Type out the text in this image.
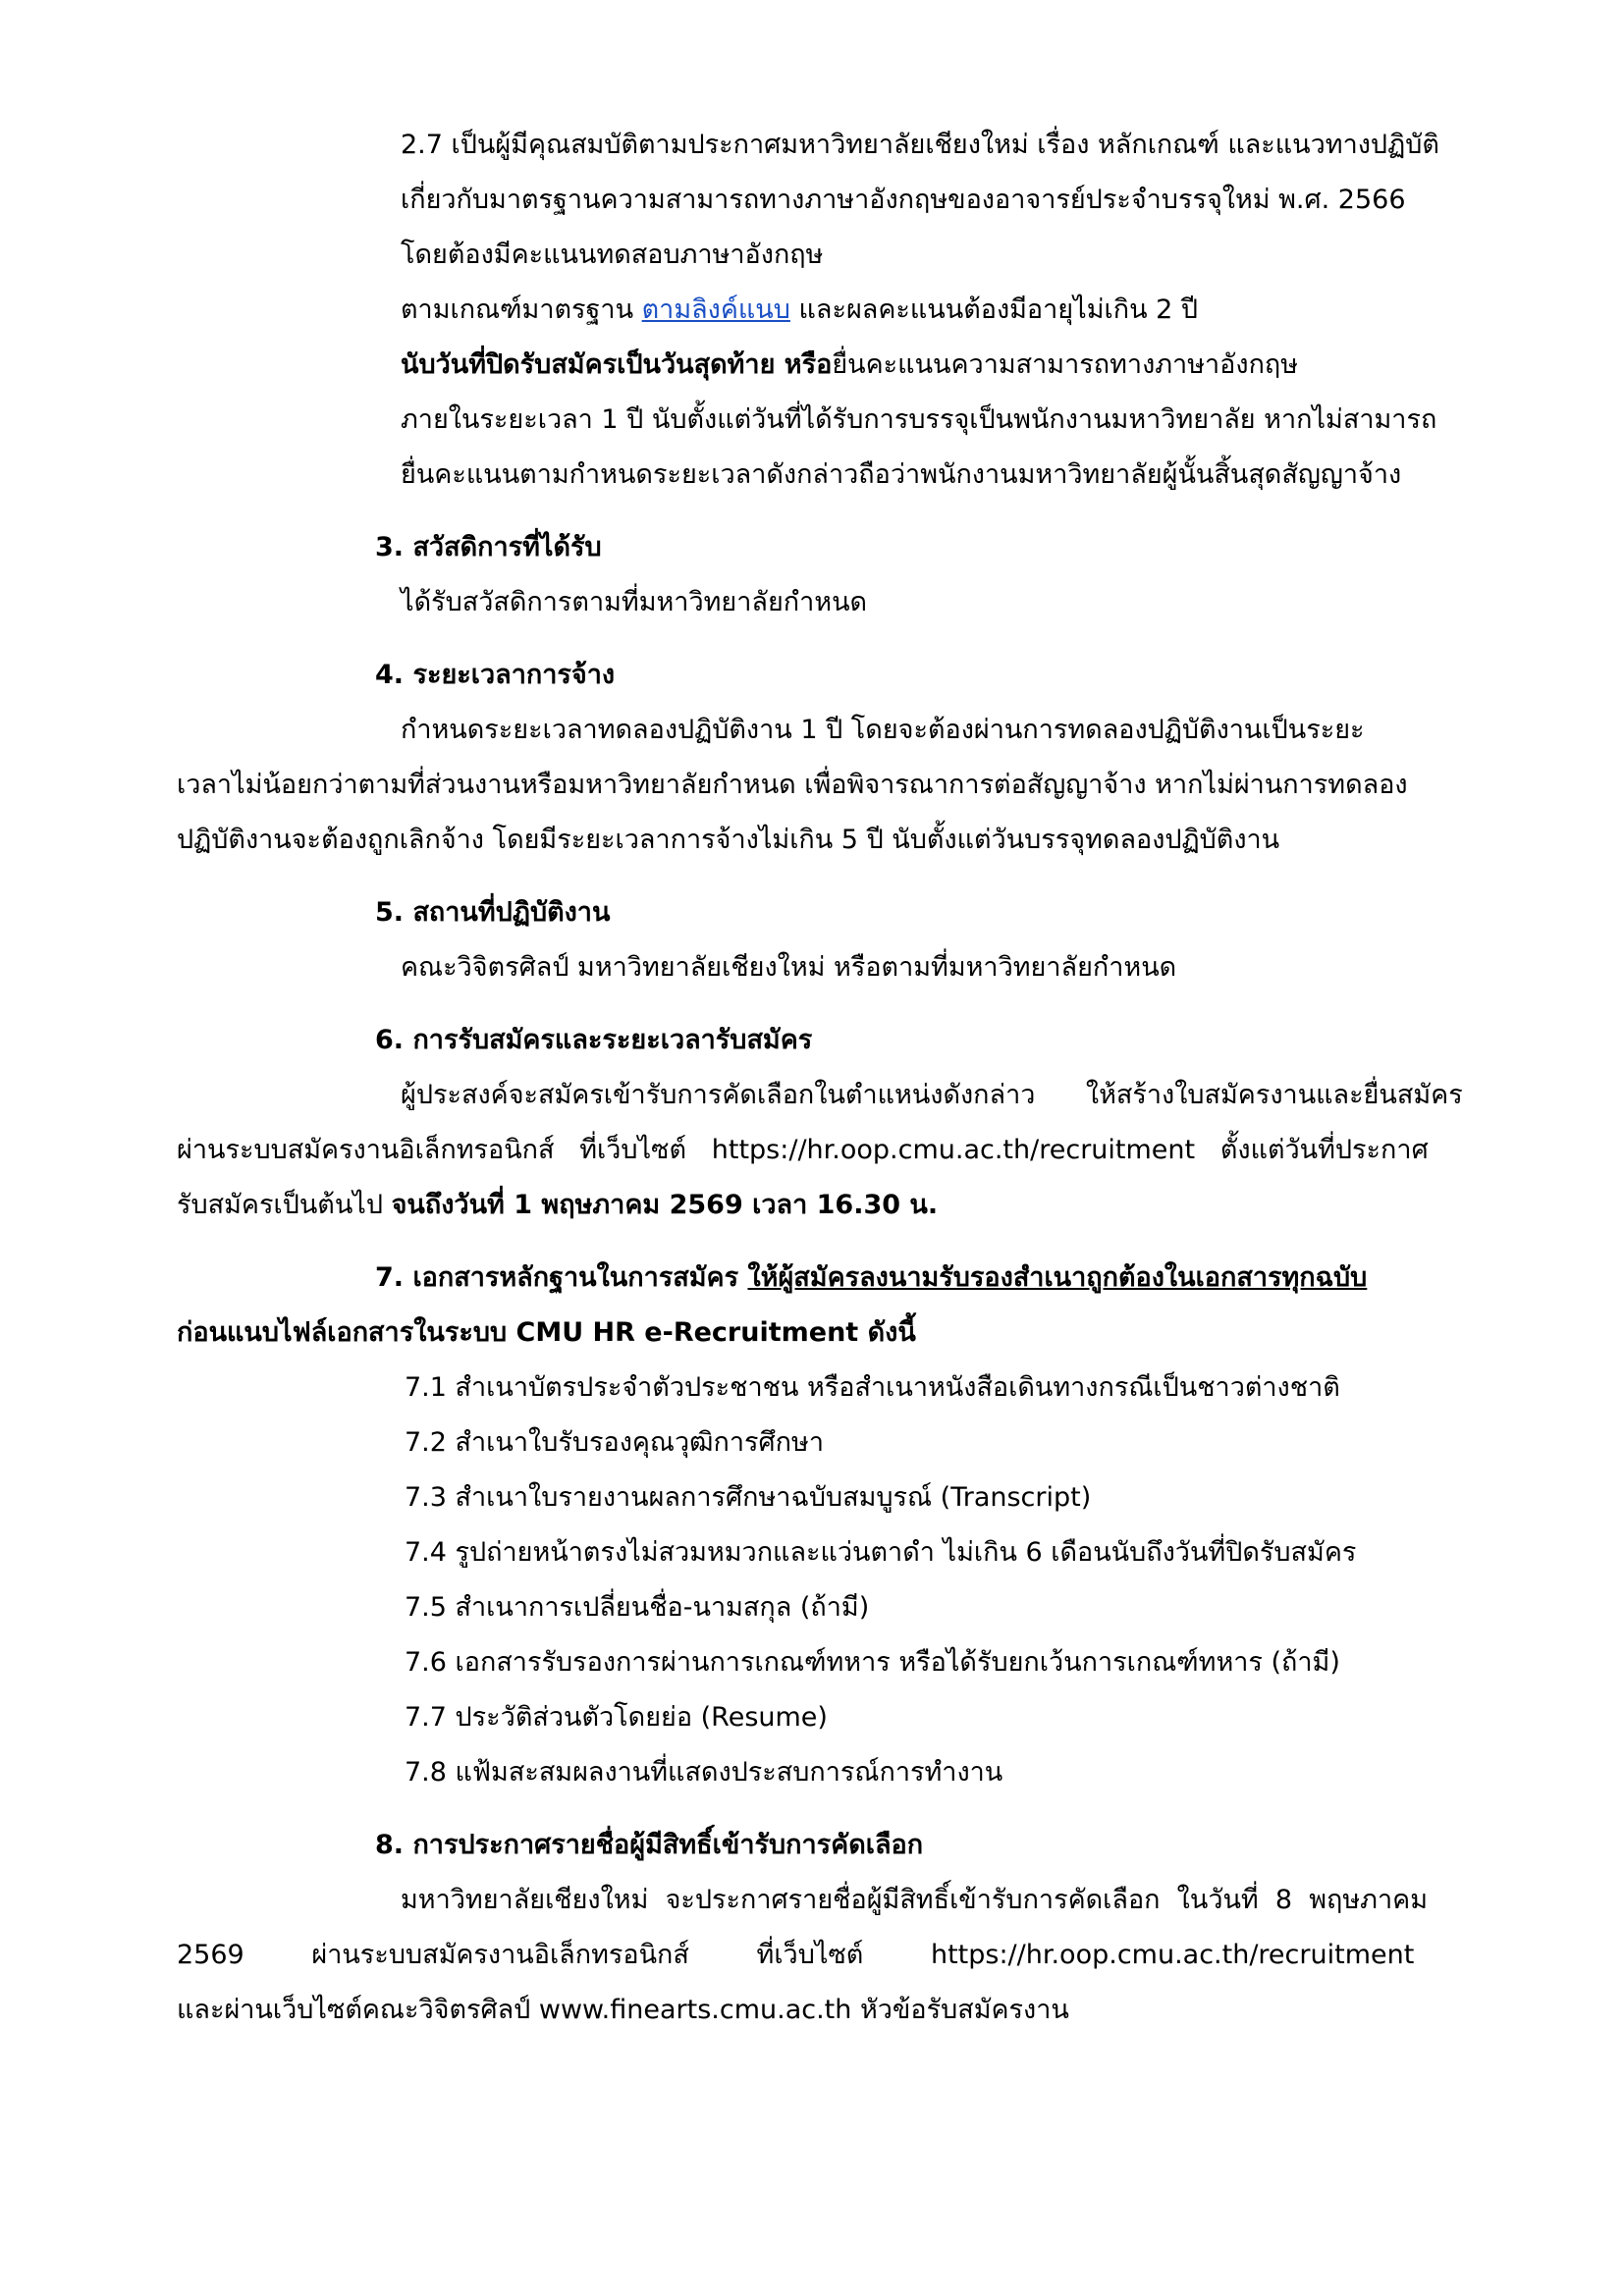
2.7 เป็นผู้มีคุณสมบัติตามประกาศมหาวิทยาลัยเชียงใหม่ เรื่อง หลักเกณฑ์ และแนวทางปฏิบัติ
เกี่ยวกับมาตรฐานความสามารถทางภาษาอังกฤษของอาจารย์ประจำบรรจุใหม่ พ.ศ. 2566
โดยต้องมีคะแนนทดสอบภาษาอังกฤษ
ตามเกณฑ์มาตรฐาน ตามลิงค์แนบ และผลคะแนนต้องมีอายุไม่เกิน 2 ปี
นับวันที่ปิดรับสมัครเป็นวันสุดท้าย หรือยื่นคะแนนความสามารถทางภาษาอังกฤษ
ภายในระยะเวลา 1 ปี นับตั้งแต่วันที่ได้รับการบรรจุเป็นพนักงานมหาวิทยาลัย หากไม่สามารถ
ยื่นคะแนนตามกำหนดระยะเวลาดังกล่าวถือว่าพนักงานมหาวิทยาลัยผู้นั้นสิ้นสุดสัญญาจ้าง
3. สวัสดิการที่ได้รับ
ได้รับสวัสดิการตามที่มหาวิทยาลัยกำหนด
4. ระยะเวลาการจ้าง
กำหนดระยะเวลาทดลองปฏิบัติงาน 1 ปี โดยจะต้องผ่านการทดลองปฏิบัติงานเป็นระยะ
เวลาไม่น้อยกว่าตามที่ส่วนงานหรือมหาวิทยาลัยกำหนด เพื่อพิจารณาการต่อสัญญาจ้าง หากไม่ผ่านการทดลอง
ปฏิบัติงานจะต้องถูกเลิกจ้าง โดยมีระยะเวลาการจ้างไม่เกิน 5 ปี นับตั้งแต่วันบรรจุทดลองปฏิบัติงาน
5. สถานที่ปฏิบัติงาน
คณะวิจิตรศิลป์ มหาวิทยาลัยเชียงใหม่ หรือตามที่มหาวิทยาลัยกำหนด
6. การรับสมัครและระยะเวลารับสมัคร
ผู้ประสงค์จะสมัครเข้ารับการคัดเลือกในตำแหน่งดังกล่าว      ให้สร้างใบสมัครงานและยื่นสมัคร
ผ่านระบบสมัครงานอิเล็กทรอนิกส์   ที่เว็บไซต์   https://hr.oop.cmu.ac.th/recruitment   ตั้งแต่วันที่ประกาศ
รับสมัครเป็นต้นไป จนถึงวันที่ 1 พฤษภาคม 2569 เวลา 16.30 น.
7. เอกสารหลักฐานในการสมัคร ให้ผู้สมัครลงนามรับรองสำเนาถูกต้องในเอกสารทุกฉบับ
ก่อนแนบไฟล์เอกสารในระบบ CMU HR e-Recruitment ดังนี้
7.1 สำเนาบัตรประจำตัวประชาชน หรือสำเนาหนังสือเดินทางกรณีเป็นชาวต่างชาติ
7.2 สำเนาใบรับรองคุณวุฒิการศึกษา
7.3 สำเนาใบรายงานผลการศึกษาฉบับสมบูรณ์ (Transcript)
7.4 รูปถ่ายหน้าตรงไม่สวมหมวกและแว่นตาดำ ไม่เกิน 6 เดือนนับถึงวันที่ปิดรับสมัคร
7.5 สำเนาการเปลี่ยนชื่อ-นามสกุล (ถ้ามี)
7.6 เอกสารรับรองการผ่านการเกณฑ์ทหาร หรือได้รับยกเว้นการเกณฑ์ทหาร (ถ้ามี)
7.7 ประวัติส่วนตัวโดยย่อ (Resume)
7.8 แฟ้มสะสมผลงานที่แสดงประสบการณ์การทำงาน
8. การประกาศรายชื่อผู้มีสิทธิ์เข้ารับการคัดเลือก
มหาวิทยาลัยเชียงใหม่  จะประกาศรายชื่อผู้มีสิทธิ์เข้ารับการคัดเลือก  ในวันที่  8  พฤษภาคม
2569        ผ่านระบบสมัครงานอิเล็กทรอนิกส์        ที่เว็บไซต์        https://hr.oop.cmu.ac.th/recruitment
และผ่านเว็บไซต์คณะวิจิตรศิลป์ www.finearts.cmu.ac.th หัวข้อรับสมัครงาน
